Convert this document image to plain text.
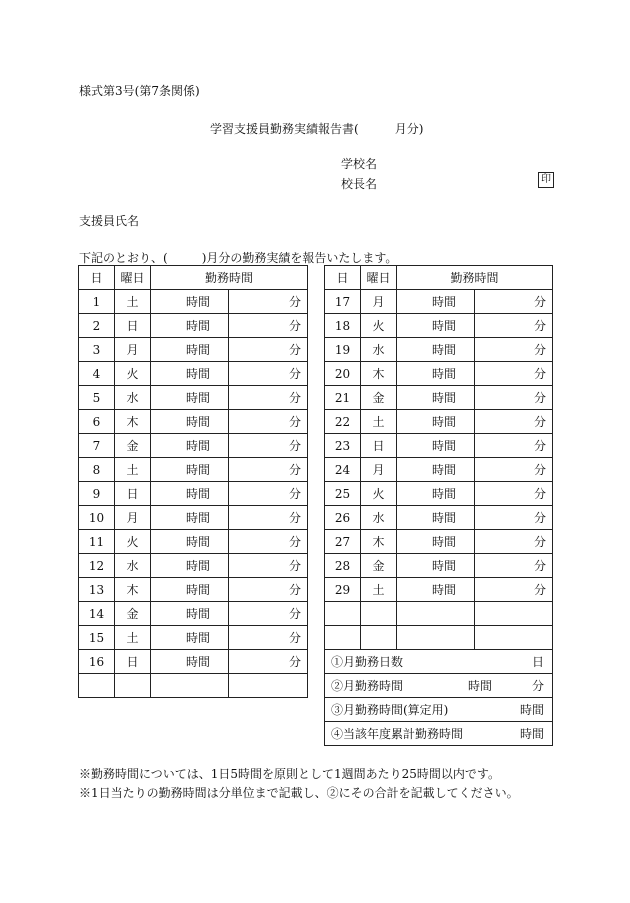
様式第3号(第7条関係)
学習支援員勤務実績報告書(	月分)
学校名
校長名	印
支援員氏名
下記のとおり、(	)月分の勤務実績を報告いたします。
日	曜日	勤務時間	
1	土	時間	分
2	日	時間	分
3	月	時間	分
4	火	時間	分
5	水	時間	分
6	木	時間	分
7	金	時間	分
8	土	時間	分
9	日	時間	分
10	月	時間	分
11	火	時間	分
12	水	時間	分
13	木	時間	分
14	金	時間	分
15	土	時間	分
16	日	時間	分

日	曜日	勤務時間	
17	月	時間	分
18	火	時間	分
19	水	時間	分
20	木	時間	分
21	金	時間	分
22	土	時間	分
23	日	時間	分
24	月	時間	分
25	火	時間	分
26	水	時間	分
27	木	時間	分
28	金	時間	分
29	土	時間	分

①月勤務日数 日			

②月勤務時間 時間 分			

③月勤務時間(算定用) 時間			

④当該年度累計勤務時間 時間			
※勤務時間については、1日5時間を原則として1週間あたり25時間以内です。
※1日当たりの勤務時間は分単位まで記載し、②にその合計を記載してください。
